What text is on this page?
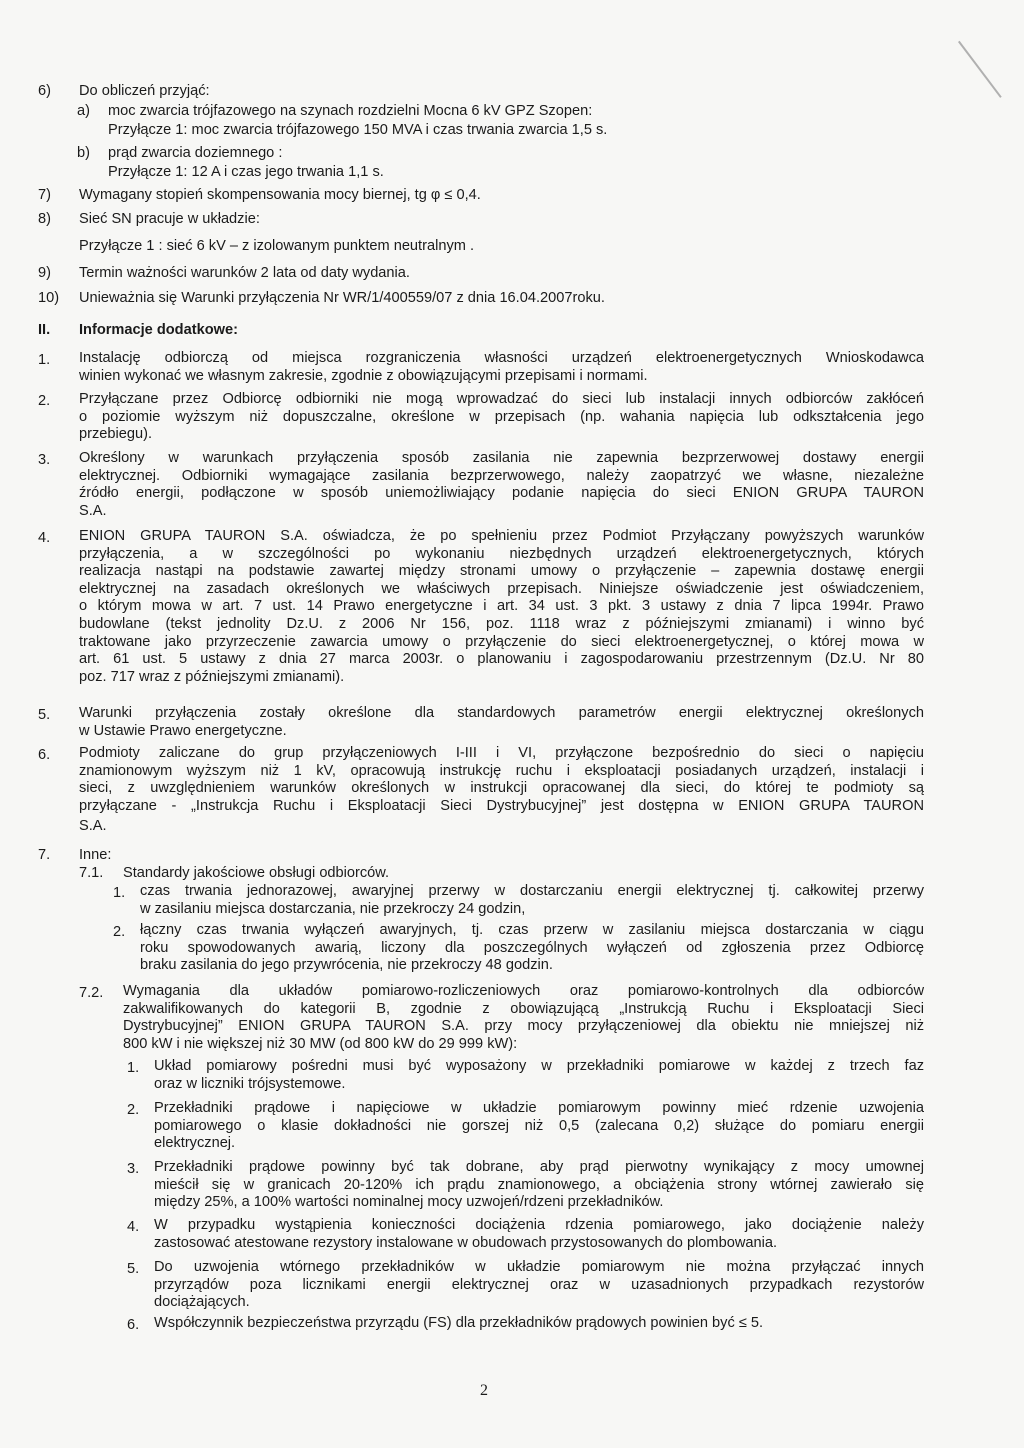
6) Do obliczeń przyjąć:
a) moc zwarcia trójfazowego na szynach rozdzielni Mocna 6 kV GPZ Szopen:
Przyłącze 1: moc zwarcia trójfazowego 150 MVA i czas trwania zwarcia 1,5 s.
b) prąd zwarcia doziemnego :
Przyłącze 1: 12 A i czas jego trwania 1,1 s.
7) Wymagany stopień skompensowania mocy biernej, tg φ ≤ 0,4.
8) Sieć SN pracuje w układzie:
Przyłącze 1 : sieć 6 kV – z izolowanym punktem neutralnym .
9) Termin ważności warunków 2 lata od daty wydania.
10) Unieważnia się Warunki przyłączenia Nr WR/1/400559/07 z dnia 16.04.2007roku.
II. Informacje dodatkowe:
1. Instalację odbiorczą od miejsca rozgraniczenia własności urządzeń elektroenergetycznych Wnioskodawca
winien wykonać we własnym zakresie, zgodnie z obowiązującymi przepisami i normami.
2. Przyłączane przez Odbiorcę odbiorniki nie mogą wprowadzać do sieci lub instalacji innych odbiorców zakłóceń
o poziomie wyższym niż dopuszczalne, określone w przepisach (np. wahania napięcia lub odkształcenia jego
przebiegu).
3. Określony w warunkach przyłączenia sposób zasilania nie zapewnia bezprzerwowej dostawy energii
elektrycznej. Odbiorniki wymagające zasilania bezprzerwowego, należy zaopatrzyć we własne, niezależne
źródło energii, podłączone w sposób uniemożliwiający podanie napięcia do sieci ENION GRUPA TAURON
S.A.
4. ENION GRUPA TAURON S.A. oświadcza, że po spełnieniu przez Podmiot Przyłączany powyższych warunków
przyłączenia, a w szczególności po wykonaniu niezbędnych urządzeń elektroenergetycznych, których
realizacja nastąpi na podstawie zawartej między stronami umowy o przyłączenie – zapewnia dostawę energii
elektrycznej na zasadach określonych we właściwych przepisach. Niniejsze oświadczenie jest oświadczeniem,
o którym mowa w art. 7 ust. 14 Prawo energetyczne i art. 34 ust. 3 pkt. 3 ustawy z dnia 7 lipca 1994r. Prawo
budowlane (tekst jednolity Dz.U. z 2006 Nr 156, poz. 1118 wraz z późniejszymi zmianami) i winno być
traktowane jako przyrzeczenie zawarcia umowy o przyłączenie do sieci elektroenergetycznej, o której mowa w
art. 61 ust. 5 ustawy z dnia 27 marca 2003r. o planowaniu i zagospodarowaniu przestrzennym (Dz.U. Nr 80
poz. 717 wraz z późniejszymi zmianami).
5. Warunki przyłączenia zostały określone dla standardowych parametrów energii elektrycznej określonych
w Ustawie Prawo energetyczne.
6. Podmioty zaliczane do grup przyłączeniowych I-III i VI, przyłączone bezpośrednio do sieci o napięciu
znamionowym wyższym niż 1 kV, opracowują instrukcję ruchu i eksploatacji posiadanych urządzeń, instalacji i
sieci, z uwzględnieniem warunków określonych w instrukcji opracowanej dla sieci, do której te podmioty są
przyłączane - „Instrukcja Ruchu i Eksploatacji Sieci Dystrybucyjnej” jest dostępna w ENION GRUPA TAURON
S.A.
7. Inne:
7.1. Standardy jakościowe obsługi odbiorców.
1. czas trwania jednorazowej, awaryjnej przerwy w dostarczaniu energii elektrycznej tj. całkowitej przerwy
w zasilaniu miejsca dostarczania, nie przekroczy 24 godzin,
2. łączny czas trwania wyłączeń awaryjnych, tj. czas przerw w zasilaniu miejsca dostarczania w ciągu
roku spowodowanych awarią, liczony dla poszczególnych wyłączeń od zgłoszenia przez Odbiorcę
braku zasilania do jego przywrócenia, nie przekroczy 48 godzin.
7.2. Wymagania dla układów pomiarowo-rozliczeniowych oraz pomiarowo-kontrolnych dla odbiorców
zakwalifikowanych do kategorii B, zgodnie z obowiązującą „Instrukcją Ruchu i Eksploatacji Sieci
Dystrybucyjnej” ENION GRUPA TAURON S.A. przy mocy przyłączeniowej dla obiektu nie mniejszej niż
800 kW i nie większej niż 30 MW (od 800 kW do 29 999 kW):
1. Układ pomiarowy pośredni musi być wyposażony w przekładniki pomiarowe w każdej z trzech faz
oraz w liczniki trójsystemowe.
2. Przekładniki prądowe i napięciowe w układzie pomiarowym powinny mieć rdzenie uzwojenia
pomiarowego o klasie dokładności nie gorszej niż 0,5 (zalecana 0,2) służące do pomiaru energii
elektrycznej.
3. Przekładniki prądowe powinny być tak dobrane, aby prąd pierwotny wynikający z mocy umownej
mieścił się w granicach 20-120% ich prądu znamionowego, a obciążenia strony wtórnej zawierało się
między 25%, a 100% wartości nominalnej mocy uzwojeń/rdzeni przekładników.
4. W przypadku wystąpienia konieczności dociążenia rdzenia pomiarowego, jako dociążenie należy
zastosować atestowane rezystory instalowane w obudowach przystosowanych do plombowania.
5. Do uzwojenia wtórnego przekładników w układzie pomiarowym nie można przyłączać innych
przyrządów poza licznikami energii elektrycznej oraz w uzasadnionych przypadkach rezystorów
dociążających.
6. Współczynnik bezpieczeństwa przyrządu (FS) dla przekładników prądowych powinien być ≤ 5.
2
